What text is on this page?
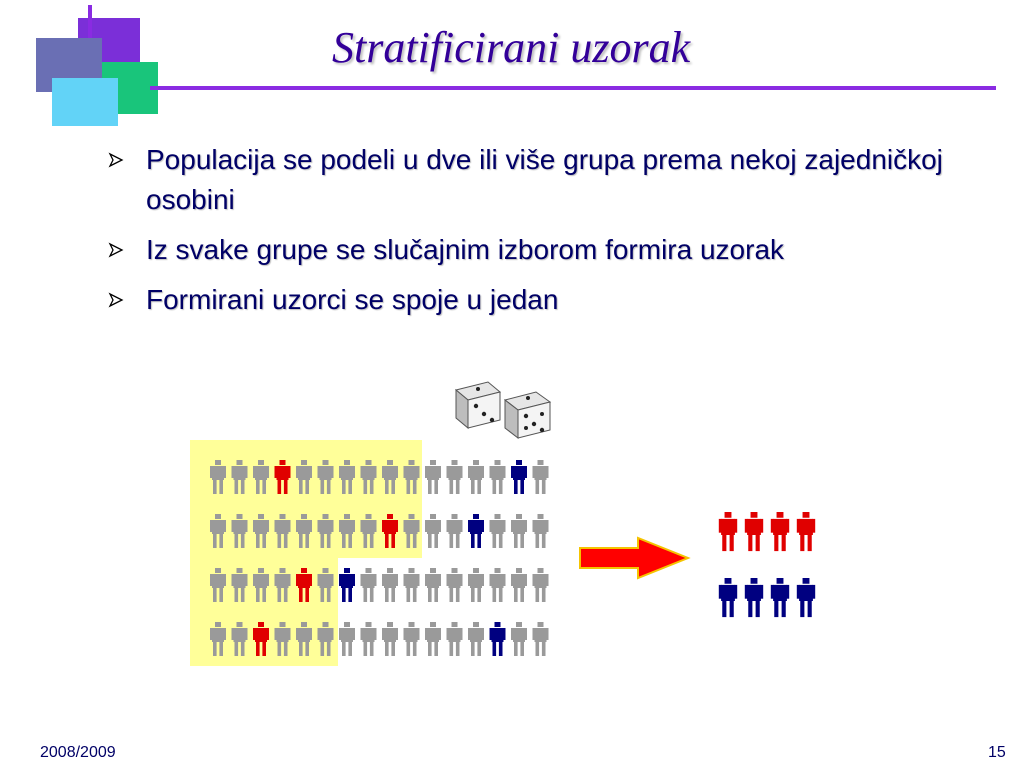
Stratificirani uzorak
Populacija se podeli u dve ili više grupa prema nekoj zajedničkoj osobini
Iz svake grupe se slučajnim izborom formira uzorak
Formirani uzorci se spoje u jedan
2008/2009	15
